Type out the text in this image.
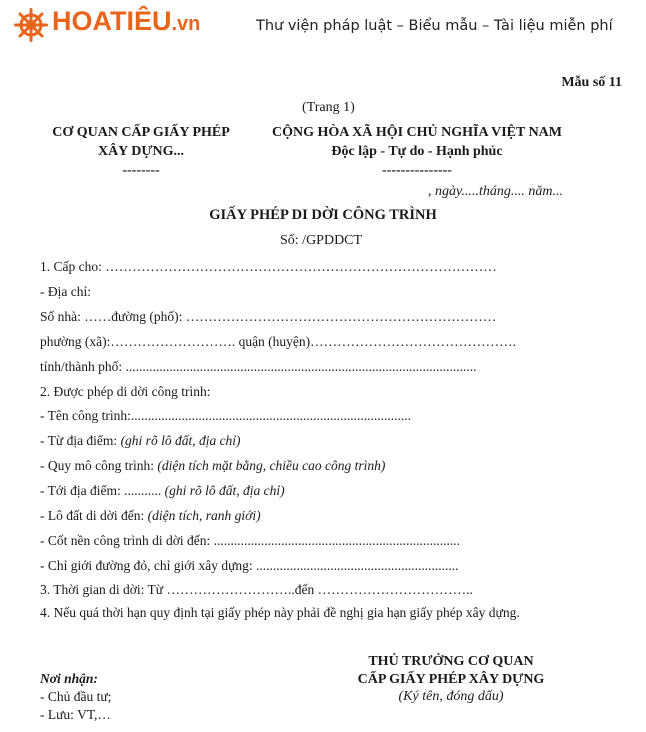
HOATIÊU.vn	Thư viện pháp luật – Biểu mẫu – Tài liệu miễn phí
Mẫu số 11
(Trang 1)
CƠ QUAN CẤP GIẤY PHÉP
XÂY DỰNG...
--------
CỘNG HÒA XÃ HỘI CHỦ NGHĨA VIỆT NAM
Độc lập - Tự do - Hạnh phúc
---------------
, ngày.....tháng.... năm...
GIẤY PHÉP DI DỜI CÔNG TRÌNH
Số: /GPDDCT
1. Cấp cho: ……………………………………………………………………………
- Địa chỉ:
Số nhà: ……đường (phố): ……………………………………………………………
phường (xã):………………………. quận (huyện)……………………………………….
tỉnh/thành phố: ........................................................................................................
2. Được phép di dời công trình:
- Tên công trình:...................................................................................
- Từ địa điểm: (ghi rõ lô đất, địa chỉ)
- Quy mô công trình: (diện tích mặt bằng, chiều cao công trình)
- Tới địa điểm: ........... (ghi rõ lô đất, địa chỉ)
- Lô đất di dời đến: (diện tích, ranh giới)
- Cốt nền công trình di dời đến: .........................................................................
- Chỉ giới đường đỏ, chỉ giới xây dựng: ............................................................
3. Thời gian di dời: Từ ………………………..đến ……………………………..
4. Nếu quá thời hạn quy định tại giấy phép này phải đề nghị gia hạn giấy phép xây dựng.
THỦ TRƯỞNG CƠ QUAN
CẤP GIẤY PHÉP XÂY DỰNG
(Ký tên, đóng dấu)
Nơi nhận:
- Chủ đầu tư;
- Lưu: VT,…
